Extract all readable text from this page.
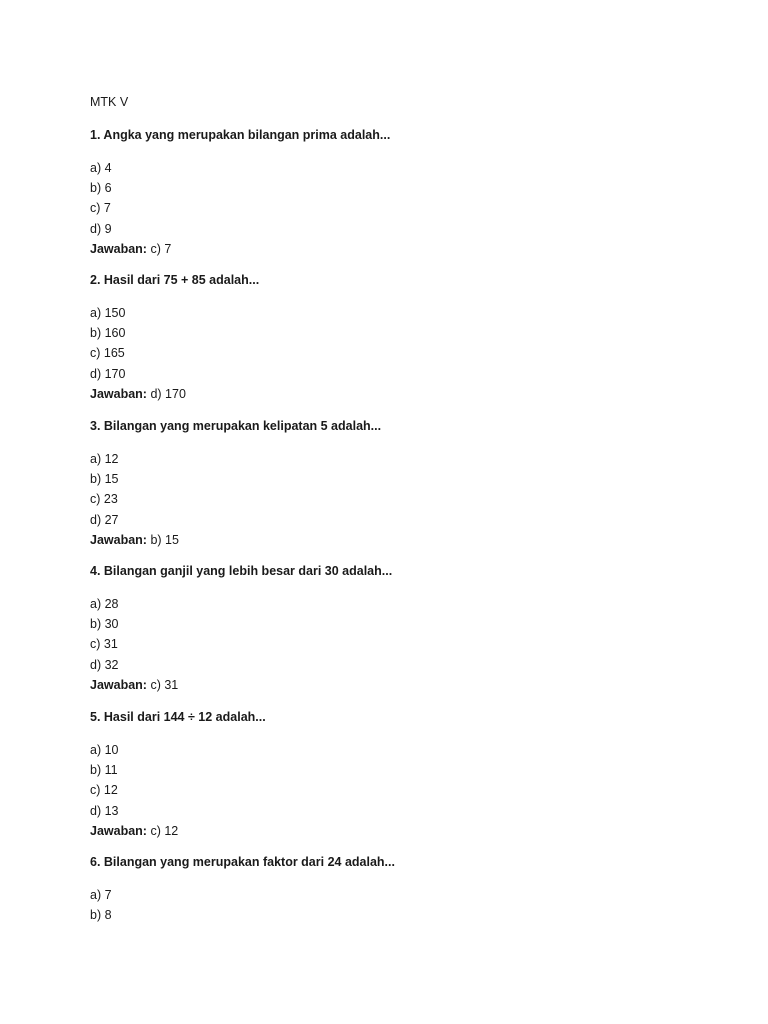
MTK V
1. Angka yang merupakan bilangan prima adalah...
a) 4
b) 6
c) 7
d) 9
Jawaban: c) 7
2. Hasil dari 75 + 85 adalah...
a) 150
b) 160
c) 165
d) 170
Jawaban: d) 170
3. Bilangan yang merupakan kelipatan 5 adalah...
a) 12
b) 15
c) 23
d) 27
Jawaban: b) 15
4. Bilangan ganjil yang lebih besar dari 30 adalah...
a) 28
b) 30
c) 31
d) 32
Jawaban: c) 31
5. Hasil dari 144 ÷ 12 adalah...
a) 10
b) 11
c) 12
d) 13
Jawaban: c) 12
6. Bilangan yang merupakan faktor dari 24 adalah...
a) 7
b) 8
